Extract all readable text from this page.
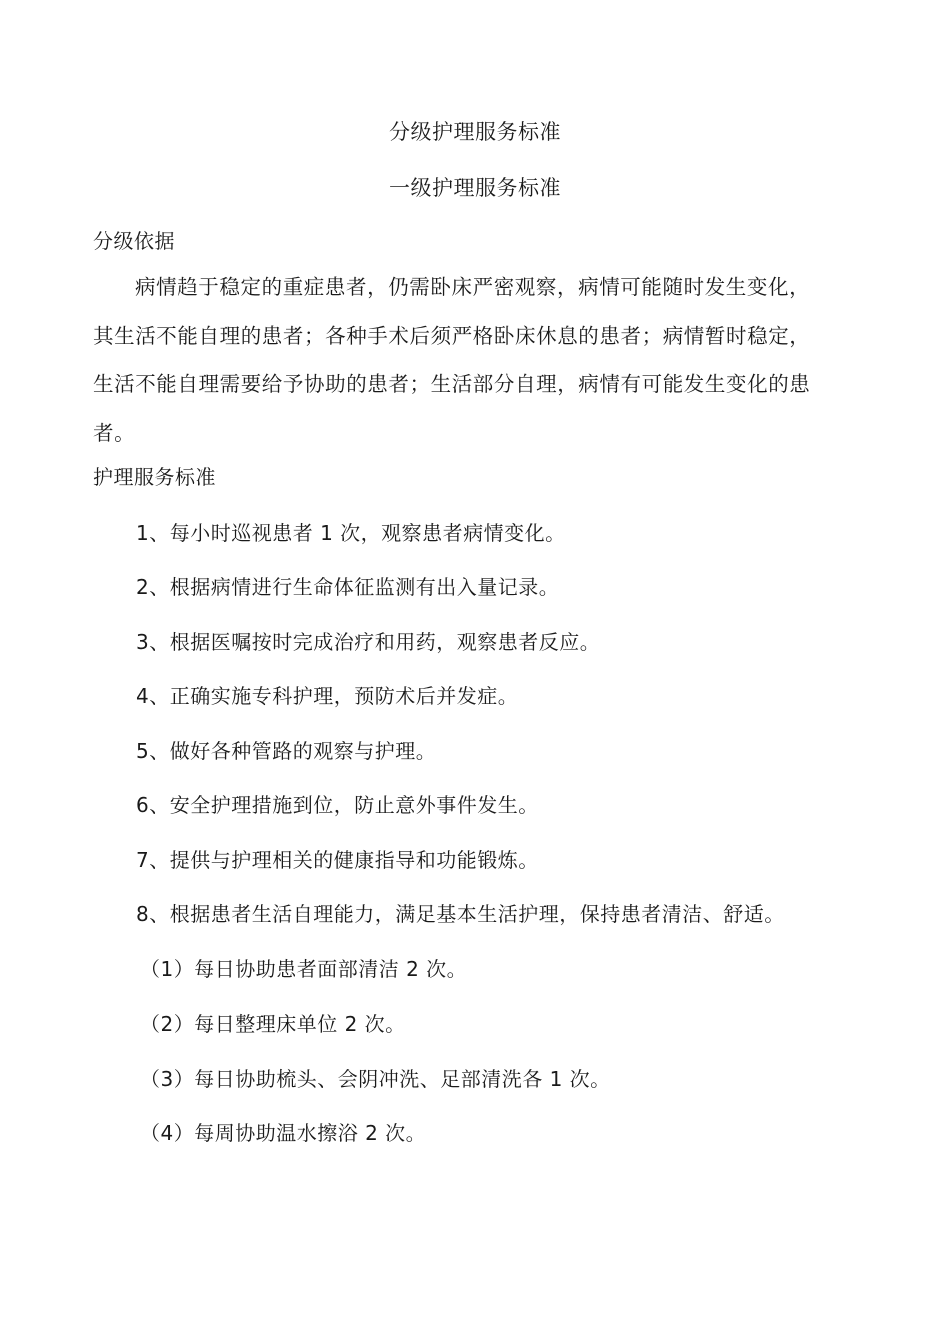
分级护理服务标准
一级护理服务标准
分级依据
病情趋于稳定的重症患者，仍需卧床严密观察，病情可能随时发生变化，
其生活不能自理的患者；各种手术后须严格卧床休息的患者；病情暂时稳定，
生活不能自理需要给予协助的患者；生活部分自理，病情有可能发生变化的患
者。
护理服务标准
1、每小时巡视患者 1 次，观察患者病情变化。
2、根据病情进行生命体征监测有出入量记录。
3、根据医嘱按时完成治疗和用药，观察患者反应。
4、正确实施专科护理，预防术后并发症。
5、做好各种管路的观察与护理。
6、安全护理措施到位，防止意外事件发生。
7、提供与护理相关的健康指导和功能锻炼。
8、根据患者生活自理能力，满足基本生活护理，保持患者清洁、舒适。
（1）每日协助患者面部清洁 2 次。
（2）每日整理床单位 2 次。
（3）每日协助梳头、会阴冲洗、足部清洗各 1 次。
（4）每周协助温水擦浴 2 次。
